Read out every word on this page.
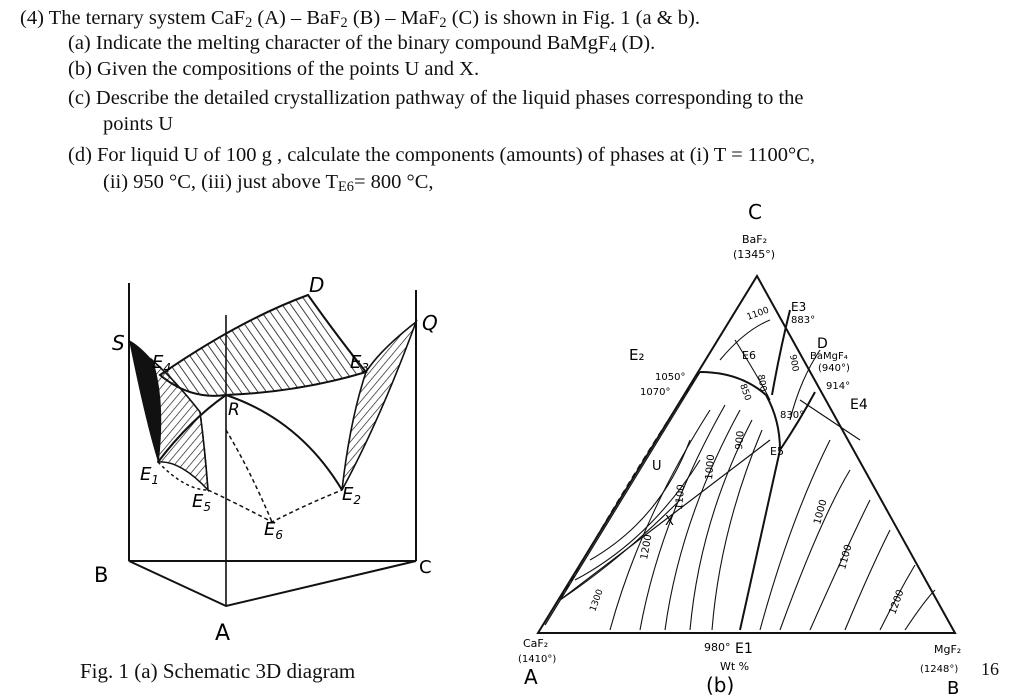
(4) The ternary system CaF$_2$ (A) – BaF$_2$ (B) – MaF$_2$ (C) is shown in Fig. 1 (a & b).
(a) Indicate the melting character of the binary compound BaMgF$_4$ (D).
(b) Given the compositions of the points U and X.
(c) Describe the detailed crystallization pathway of the liquid phases corresponding to the
points U
(d) For liquid U of 100 g , calculate the components (amounts) of phases at (i) T = 1100°C,
(ii) 950 °C, (iii) just above $T_{E6}= 800$ °C,
S
Q
D
R
$E_4$	$E_3$
$E_1$
$E_5$
$E_2$
$E_6$
B	C
A
C
BaF₂
(1345°)
E3
883°
D
BaMgF₄
(940°)
914°
E4
E₂
1050°
1070°
E6
830°
E5
U
X
1100
850 800
900
900
1000
1100
1200
1000
1100
1200
1300
CaF₂
(1410°)
A
980° E1
Wt %
(b)
MgF₂
(1248°)
B
Fig. 1 (a) Schematic 3D diagram	16
